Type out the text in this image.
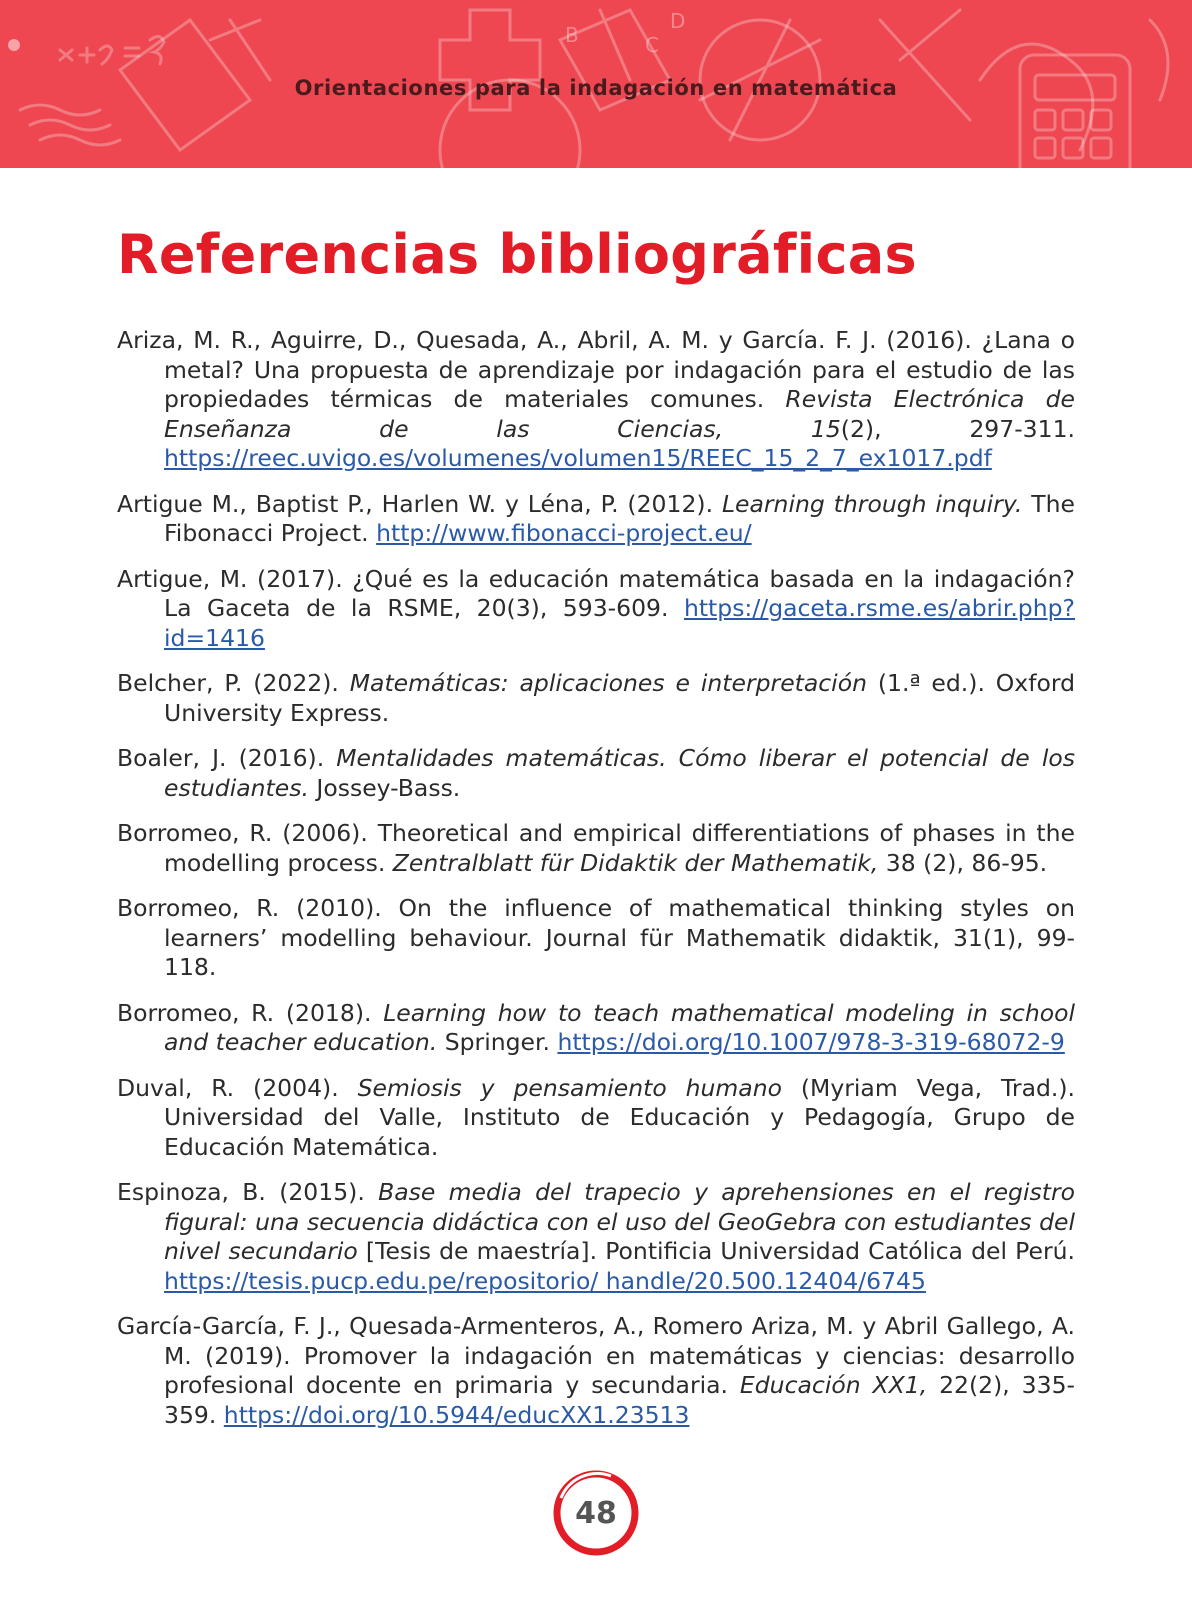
B
D
C
Orientaciones para la indagación en matemática
Referencias bibliográficas

Ariza, M. R., Aguirre, D., Quesada, A., Abril, A. M. y García. F. J. (2016). ¿Lana o metal? Una propuesta de aprendizaje por indagación para el estudio de las propiedades térmicas de materiales comunes. Revista Electrónica de Enseñanza de las Ciencias, 15(2), 297-311. https://reec.uvigo.es/volumenes/volumen15/REEC_15_2_7_ex1017.pdf

Artigue M., Baptist P., Harlen W. y Léna, P. (2012). Learning through inquiry. The Fibonacci Project. http://www.fibonacci-project.eu/

Artigue, M. (2017). ¿Qué es la educación matemática basada en la indagación? La Gaceta de la RSME, 20(3), 593-609. https://gaceta.rsme.es/abrir.php?id=1416

Belcher, P. (2022). Matemáticas: aplicaciones e interpretación (1.ª ed.). Oxford University Express.

Boaler, J. (2016). Mentalidades matemáticas. Cómo liberar el potencial de los estudiantes. Jossey-Bass.

Borromeo, R. (2006). Theoretical and empirical differentiations of phases in the modelling process. Zentralblatt für Didaktik der Mathematik, 38 (2), 86-95.

Borromeo, R. (2010). On the influence of mathematical thinking styles on learners’ modelling behaviour. Journal für Mathematik didaktik, 31(1), 99-118.

Borromeo, R. (2018). Learning how to teach mathematical modeling in school and teacher education. Springer. https://doi.org/10.1007/978-3-319-68072-9

Duval, R. (2004). Semiosis y pensamiento humano (Myriam Vega, Trad.). Universidad del Valle, Instituto de Educación y Pedagogía, Grupo de Educación Matemática.

Espinoza, B. (2015). Base media del trapecio y aprehensiones en el registro figural: una secuencia didáctica con el uso del GeoGebra con estudiantes del nivel secundario [Tesis de maestría]. Pontificia Universidad Católica del Perú. https://tesis.pucp.edu.pe/repositorio/ handle/20.500.12404/6745

García-García, F. J., Quesada-Armenteros, A., Romero Ariza, M. y Abril Gallego, A. M. (2019). Promover la indagación en matemáticas y ciencias: desarrollo profesional docente en primaria y secundaria. Educación XX1, 22(2), 335-359. https://doi.org/10.5944/educXX1.23513

48
